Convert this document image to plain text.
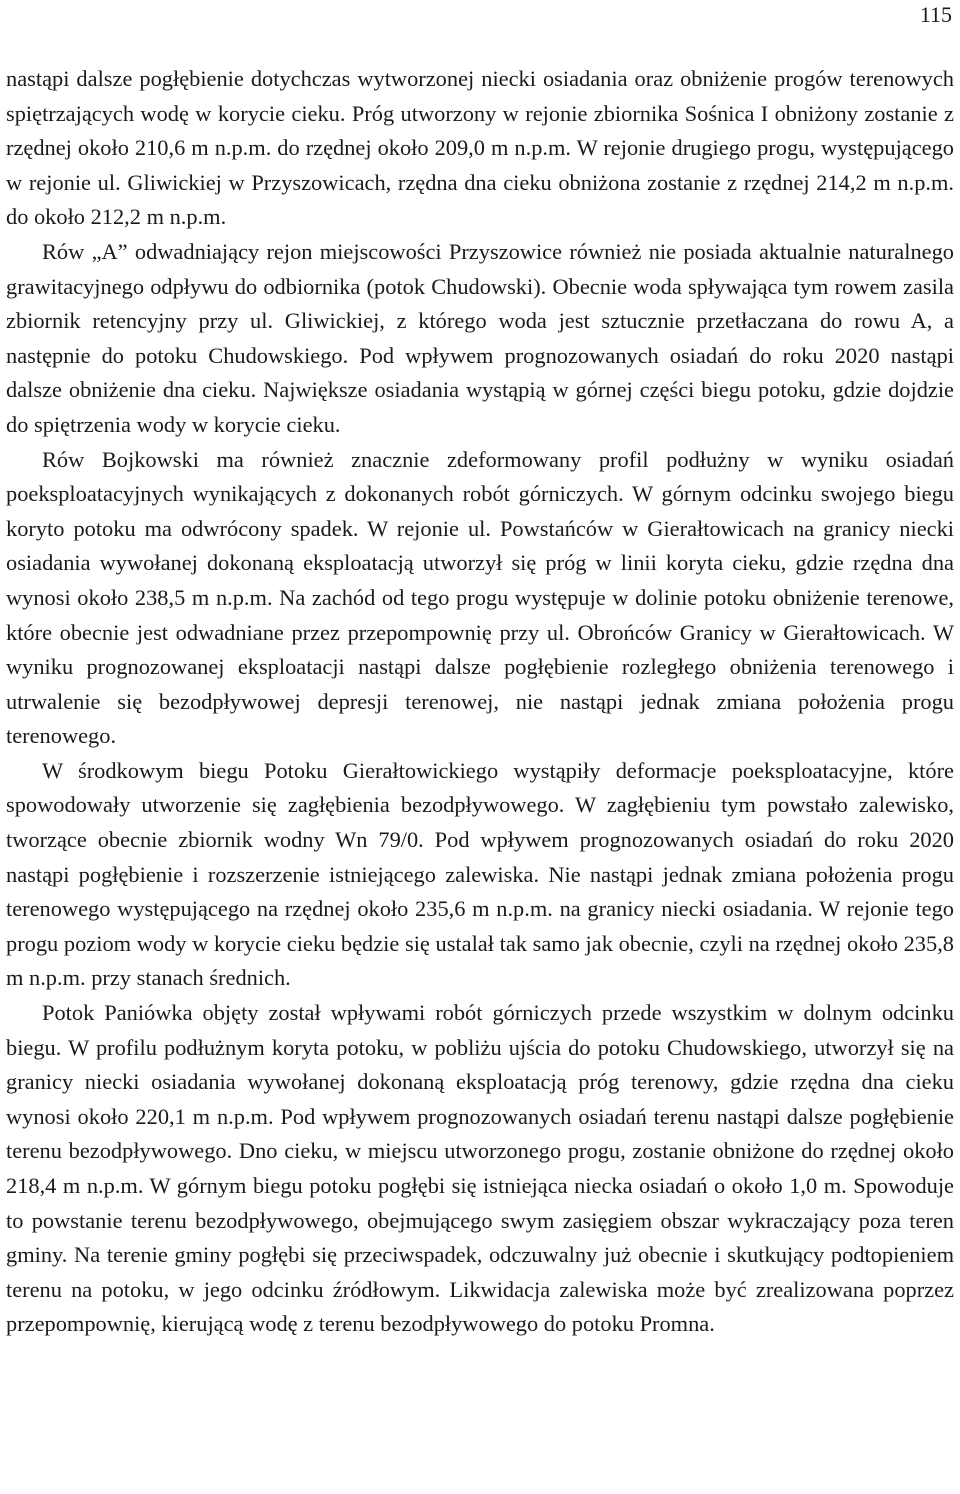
115

nastąpi dalsze pogłębienie dotychczas wytworzonej niecki osiadania oraz obniżenie progów terenowych spiętrzających wodę w korycie cieku. Próg utworzony w rejonie zbiornika Sośnica I obniżony zostanie z rzędnej około 210,6 m n.p.m. do rzędnej około 209,0 m n.p.m. W rejonie drugiego progu, występującego w rejonie ul. Gliwickiej w Przyszowicach, rzędna dna cieku obniżona zostanie z rzędnej 214,2 m n.p.m. do około 212,2 m n.p.m.

Rów „A” odwadniający rejon miejscowości Przyszowice również nie posiada aktualnie naturalnego grawitacyjnego odpływu do odbiornika (potok Chudowski). Obecnie woda spływająca tym rowem zasila zbiornik retencyjny przy ul. Gliwickiej, z którego woda jest sztucznie przetłaczana do rowu A, a następnie do potoku Chudowskiego. Pod wpływem prognozowanych osiadań do roku 2020 nastąpi dalsze obniżenie dna cieku. Największe osiadania wystąpią w górnej części biegu potoku, gdzie dojdzie do spiętrzenia wody w korycie cieku.

Rów Bojkowski ma również znacznie zdeformowany profil podłużny w wyniku osiadań poeksploatacyjnych wynikających z dokonanych robót górniczych. W górnym odcinku swojego biegu koryto potoku ma odwrócony spadek. W rejonie ul. Powstańców w Gierałtowicach na granicy niecki osiadania wywołanej dokonaną eksploatacją utworzył się próg w linii koryta cieku, gdzie rzędna dna wynosi około 238,5 m n.p.m. Na zachód od tego progu występuje w dolinie potoku obniżenie terenowe, które obecnie jest odwadniane przez przepompownię przy ul. Obrońców Granicy w Gierałtowicach. W wyniku prognozowanej eksploatacji nastąpi dalsze pogłębienie rozległego obniżenia terenowego i utrwalenie się bezodpływowej depresji terenowej, nie nastąpi jednak zmiana położenia progu terenowego.

W środkowym biegu Potoku Gierałtowickiego wystąpiły deformacje poeksploatacyjne, które spowodowały utworzenie się zagłębienia bezodpływowego. W zagłębieniu tym powstało zalewisko, tworzące obecnie zbiornik wodny Wn 79/0. Pod wpływem prognozowanych osiadań do roku 2020 nastąpi pogłębienie i rozszerzenie istniejącego zalewiska. Nie nastąpi jednak zmiana położenia progu terenowego występującego na rzędnej około 235,6 m n.p.m. na granicy niecki osiadania. W rejonie tego progu poziom wody w korycie cieku będzie się ustalał tak samo jak obecnie, czyli na rzędnej około 235,8 m n.p.m. przy stanach średnich.

Potok Paniówka objęty został wpływami robót górniczych przede wszystkim w dolnym odcinku biegu. W profilu podłużnym koryta potoku, w pobliżu ujścia do potoku Chudowskiego, utworzył się na granicy niecki osiadania wywołanej dokonaną eksploatacją próg terenowy, gdzie rzędna dna cieku wynosi około 220,1 m n.p.m. Pod wpływem prognozowanych osiadań terenu nastąpi dalsze pogłębienie terenu bezodpływowego. Dno cieku, w miejscu utworzonego progu, zostanie obniżone do rzędnej około 218,4 m n.p.m. W górnym biegu potoku pogłębi się istniejąca niecka osiadań o około 1,0 m. Spowoduje to powstanie terenu bezodpływowego, obejmującego swym zasięgiem obszar wykraczający poza teren gminy. Na terenie gminy pogłębi się przeciwspadek, odczuwalny już obecnie i skutkujący podtopieniem terenu na potoku, w jego odcinku źródłowym. Likwidacja zalewiska może być zrealizowana poprzez przepompownię, kierującą wodę z terenu bezodpływowego do potoku Promna.
